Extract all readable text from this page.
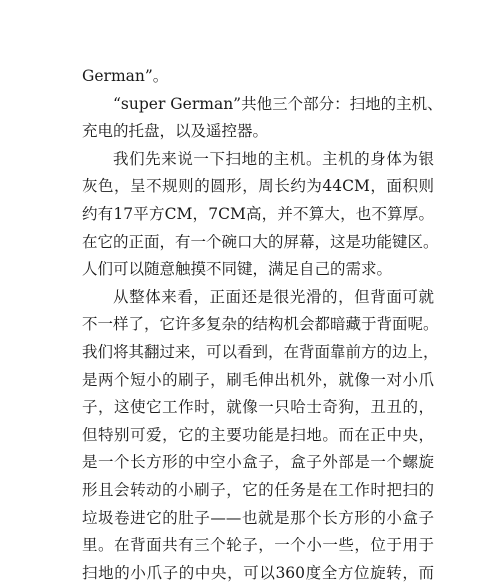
German”。
“super German”共他三个部分：扫地的主机、
充电的托盘，以及遥控器。
我们先来说一下扫地的主机。主机的身体为银
灰色，呈不规则的圆形，周长约为44CM，面积则
约有17平方CM，7CM高，并不算大，也不算厚。
在它的正面，有一个碗口大的屏幕，这是功能键区。
人们可以随意触摸不同键，满足自己的需求。
从整体来看，正面还是很光滑的，但背面可就
不一样了，它许多复杂的结构机会都暗藏于背面呢。
我们将其翻过来，可以看到，在背面靠前方的边上，
是两个短小的刷子，刷毛伸出机外，就像一对小爪
子，这使它工作时，就像一只哈士奇狗，丑丑的，
但特别可爱，它的主要功能是扫地。而在正中央，
是一个长方形的中空小盒子，盒子外部是一个螺旋
形且会转动的小刷子，它的任务是在工作时把扫的
垃圾卷进它的肚子——也就是那个长方形的小盒子
里。在背面共有三个轮子，一个小一些，位于用于
扫地的小爪子的中央，可以360度全方位旋转，而
